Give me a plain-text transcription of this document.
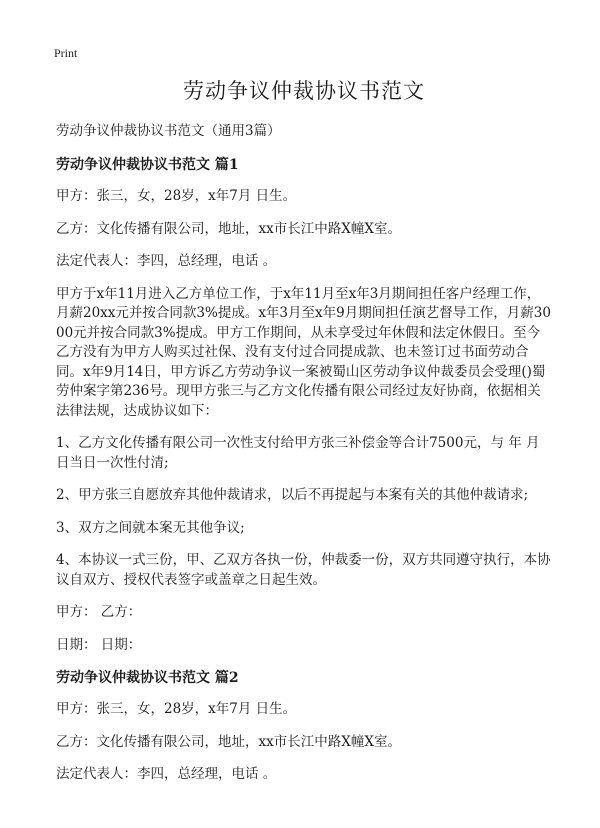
Print
劳动争议仲裁协议书范文

劳动争议仲裁协议书范文（通用3篇）

劳动争议仲裁协议书范文 篇1

甲方：张三，女，28岁，x年7月 日生。

乙方：文化传播有限公司，地址，xx市长江中路X幢X室。

法定代表人：李四，总经理，电话 。

甲方于x年11月进入乙方单位工作，于x年11月至x年3月期间担任客户经理工作，月薪20xx元并按合同款3%提成。x年3月至x年9月期间担任演艺督导工作，月薪3000元并按合同款3%提成。甲方工作期间，从未享受过年休假和法定休假日。至今乙方没有为甲方人购买过社保、没有支付过合同提成款、也未签订过书面劳动合同。x年9月14日，甲方诉乙方劳动争议一案被蜀山区劳动争议仲裁委员会受理()蜀劳仲案字第236号。现甲方张三与乙方文化传播有限公司经过友好协商，依据相关法律法规，达成协议如下：

1、乙方文化传播有限公司一次性支付给甲方张三补偿金等合计7500元，与 年 月 日当日一次性付清;

2、甲方张三自愿放弃其他仲裁请求，以后不再提起与本案有关的其他仲裁请求;

3、双方之间就本案无其他争议;

4、本协议一式三份，甲、乙双方各执一份，仲裁委一份，双方共同遵守执行，本协议自双方、授权代表签字或盖章之日起生效。

甲方： 乙方：

日期： 日期：

劳动争议仲裁协议书范文 篇2

甲方：张三，女，28岁，x年7月 日生。

乙方：文化传播有限公司，地址，xx市长江中路X幢X室。

法定代表人：李四，总经理，电话 。
